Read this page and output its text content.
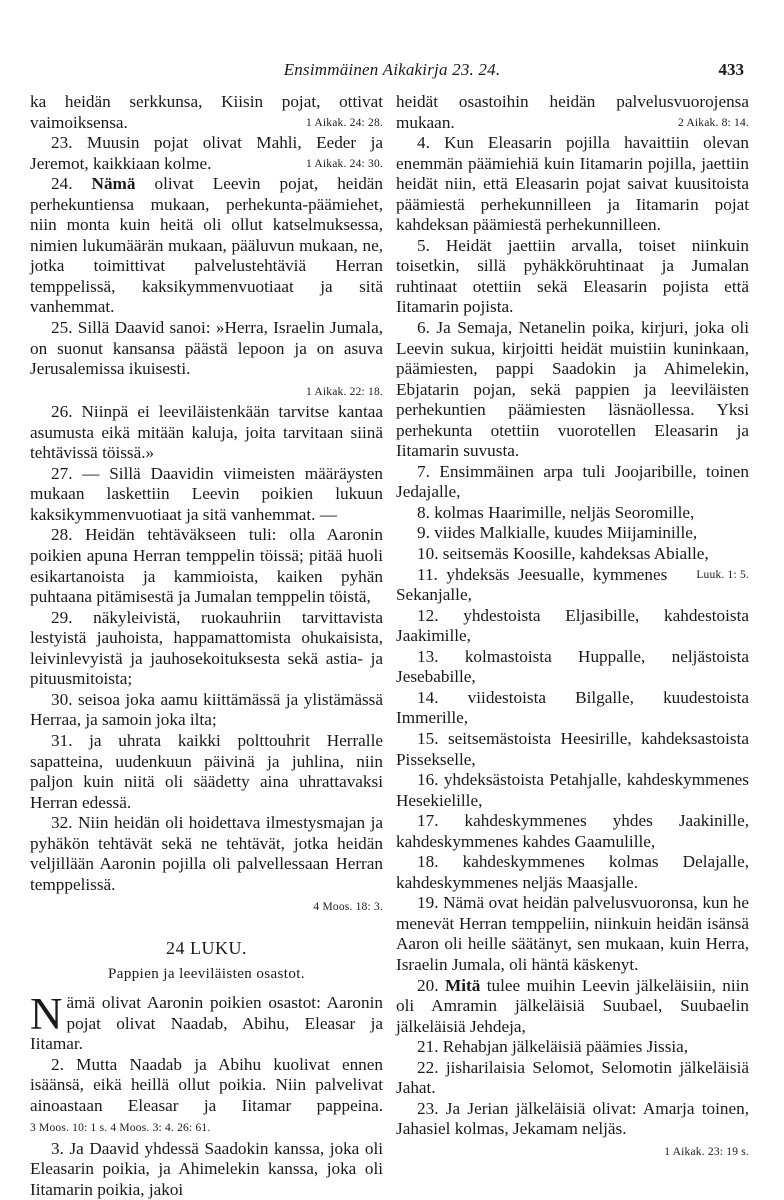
Ensimmäinen Aikakirja 23. 24.	433

ka heidän serkkunsa, Kiisin pojat, ottivat vaimoiksensa.	1 Aikak. 24: 28.

23. Muusin pojat olivat Mahli, Eeder ja Jeremot, kaikkiaan kolme.	1 Aikak. 24: 30.

24. Nämä olivat Leevin pojat, heidän perhekuntiensa mukaan, perhekunta-päämiehet, niin monta kuin heitä oli ollut katselmuksessa, nimien lukumäärän mukaan, pääluvun mukaan, ne, jotka toimittivat palvelustehtäviä Herran temppelissä, kaksikymmenvuotiaat ja sitä vanhemmat.

25. Sillä Daavid sanoi: »Herra, Israelin Jumala, on suonut kansansa päästä lepoon ja on asuva Jerusalemissa ikuisesti.

1 Aikak. 22: 18.

26. Niinpä ei leeviläistenkään tarvitse kantaa asumusta eikä mitään kaluja, joita tarvitaan siinä tehtävissä töissä.»

27. — Sillä Daavidin viimeisten määräysten mukaan laskettiin Leevin poikien lukuun kaksikymmenvuotiaat ja sitä vanhemmat. —

28. Heidän tehtäväkseen tuli: olla Aaronin poikien apuna Herran temppelin töissä; pitää huoli esikartanoista ja kammioista, kaiken pyhän puhtaana pitämisestä ja Jumalan temppelin töistä,

29. näkyleivistä, ruokauhriin tarvittavista lestyistä jauhoista, happamattomista ohukaisista, leivinlevyistä ja jauhosekoituksesta sekä astia- ja pituusmitoista;

30. seisoa joka aamu kiittämässä ja ylistämässä Herraa, ja samoin joka ilta;

31. ja uhrata kaikki polttouhrit Herralle sapatteina, uudenkuun päivinä ja juhlina, niin paljon kuin niitä oli säädetty aina uhrattavaksi Herran edessä.

32. Niin heidän oli hoidettava ilmestysmajan ja pyhäkön tehtävät sekä ne tehtävät, jotka heidän veljillään Aaronin pojilla oli palvellessaan Herran temppelissä.

4 Moos. 18: 3.

24 LUKU.
Pappien ja leeviläisten osastot.

Nämä olivat Aaronin poikien osastot: Aaronin pojat olivat Naadab, Abihu, Eleasar ja Iitamar.

2. Mutta Naadab ja Abihu kuolivat ennen isäänsä, eikä heillä ollut poikia. Niin palvelivat ainoastaan Eleasar ja Iitamar pappeina. 3 Moos. 10: 1 s. 4 Moos. 3: 4. 26: 61.

3. Ja Daavid yhdessä Saadokin kanssa, joka oli Eleasarin poikia, ja Ahimelekin kanssa, joka oli Iitamarin poikia, jakoi

heidät osastoihin heidän palvelusvuorojensa mukaan.	2 Aikak. 8: 14.

4. Kun Eleasarin pojilla havaittiin olevan enemmän päämiehiä kuin Iitamarin pojilla, jaettiin heidät niin, että Eleasarin pojat saivat kuusitoista päämiestä perhekunnilleen ja Iitamarin pojat kahdeksan päämiestä perhekunnilleen.

5. Heidät jaettiin arvalla, toiset niinkuin toisetkin, sillä pyhäkköruhtinaat ja Jumalan ruhtinaat otettiin sekä Eleasarin pojista että Iitamarin pojista.

6. Ja Semaja, Netanelin poika, kirjuri, joka oli Leevin sukua, kirjoitti heidät muistiin kuninkaan, päämiesten, pappi Saadokin ja Ahimelekin, Ebjatarin pojan, sekä pappien ja leeviläisten perhekuntien päämiesten läsnäollessa. Yksi perhekunta otettiin vuorotellen Eleasarin ja Iitamarin suvusta.

7. Ensimmäinen arpa tuli Joojaribille, toinen Jedajalle,

8. kolmas Haarimille, neljäs Seoromille,

9. viides Malkialle, kuudes Miijaminille,

10. seitsemäs Koosille, kahdeksas Abialle,
Luuk. 1: 5.

11. yhdeksäs Jeesualle, kymmenes Sekanjalle,

12. yhdestoista Eljasibille, kahdestoista Jaakimille,

13. kolmastoista Huppalle, neljästoista Jesebabille,

14. viidestoista Bilgalle, kuudestoista Immerille,

15. seitsemästoista Heesirille, kahdeksastoista Pissekselle,

16. yhdeksästoista Petahjalle, kahdeskymmenes Hesekielille,

17. kahdeskymmenes yhdes Jaakinille, kahdeskymmenes kahdes Gaamulille,

18. kahdeskymmenes kolmas Delajalle, kahdeskymmenes neljäs Maasjalle.

19. Nämä ovat heidän palvelusvuoronsa, kun he menevät Herran temppeliin, niinkuin heidän isänsä Aaron oli heille säätänyt, sen mukaan, kuin Herra, Israelin Jumala, oli häntä käskenyt.

20. Mitä tulee muihin Leevin jälkeläisiin, niin oli Amramin jälkeläisiä Suubael, Suubaelin jälkeläisiä Jehdeja,

21. Rehabjan jälkeläisiä päämies Jissia,

22. jisharilaisia Selomot, Selomotin jälkeläisiä Jahat.

23. Ja Jerian jälkeläisiä olivat: Amarja toinen, Jahasiel kolmas, Jekamam neljäs.

1 Aikak. 23: 19 s.
